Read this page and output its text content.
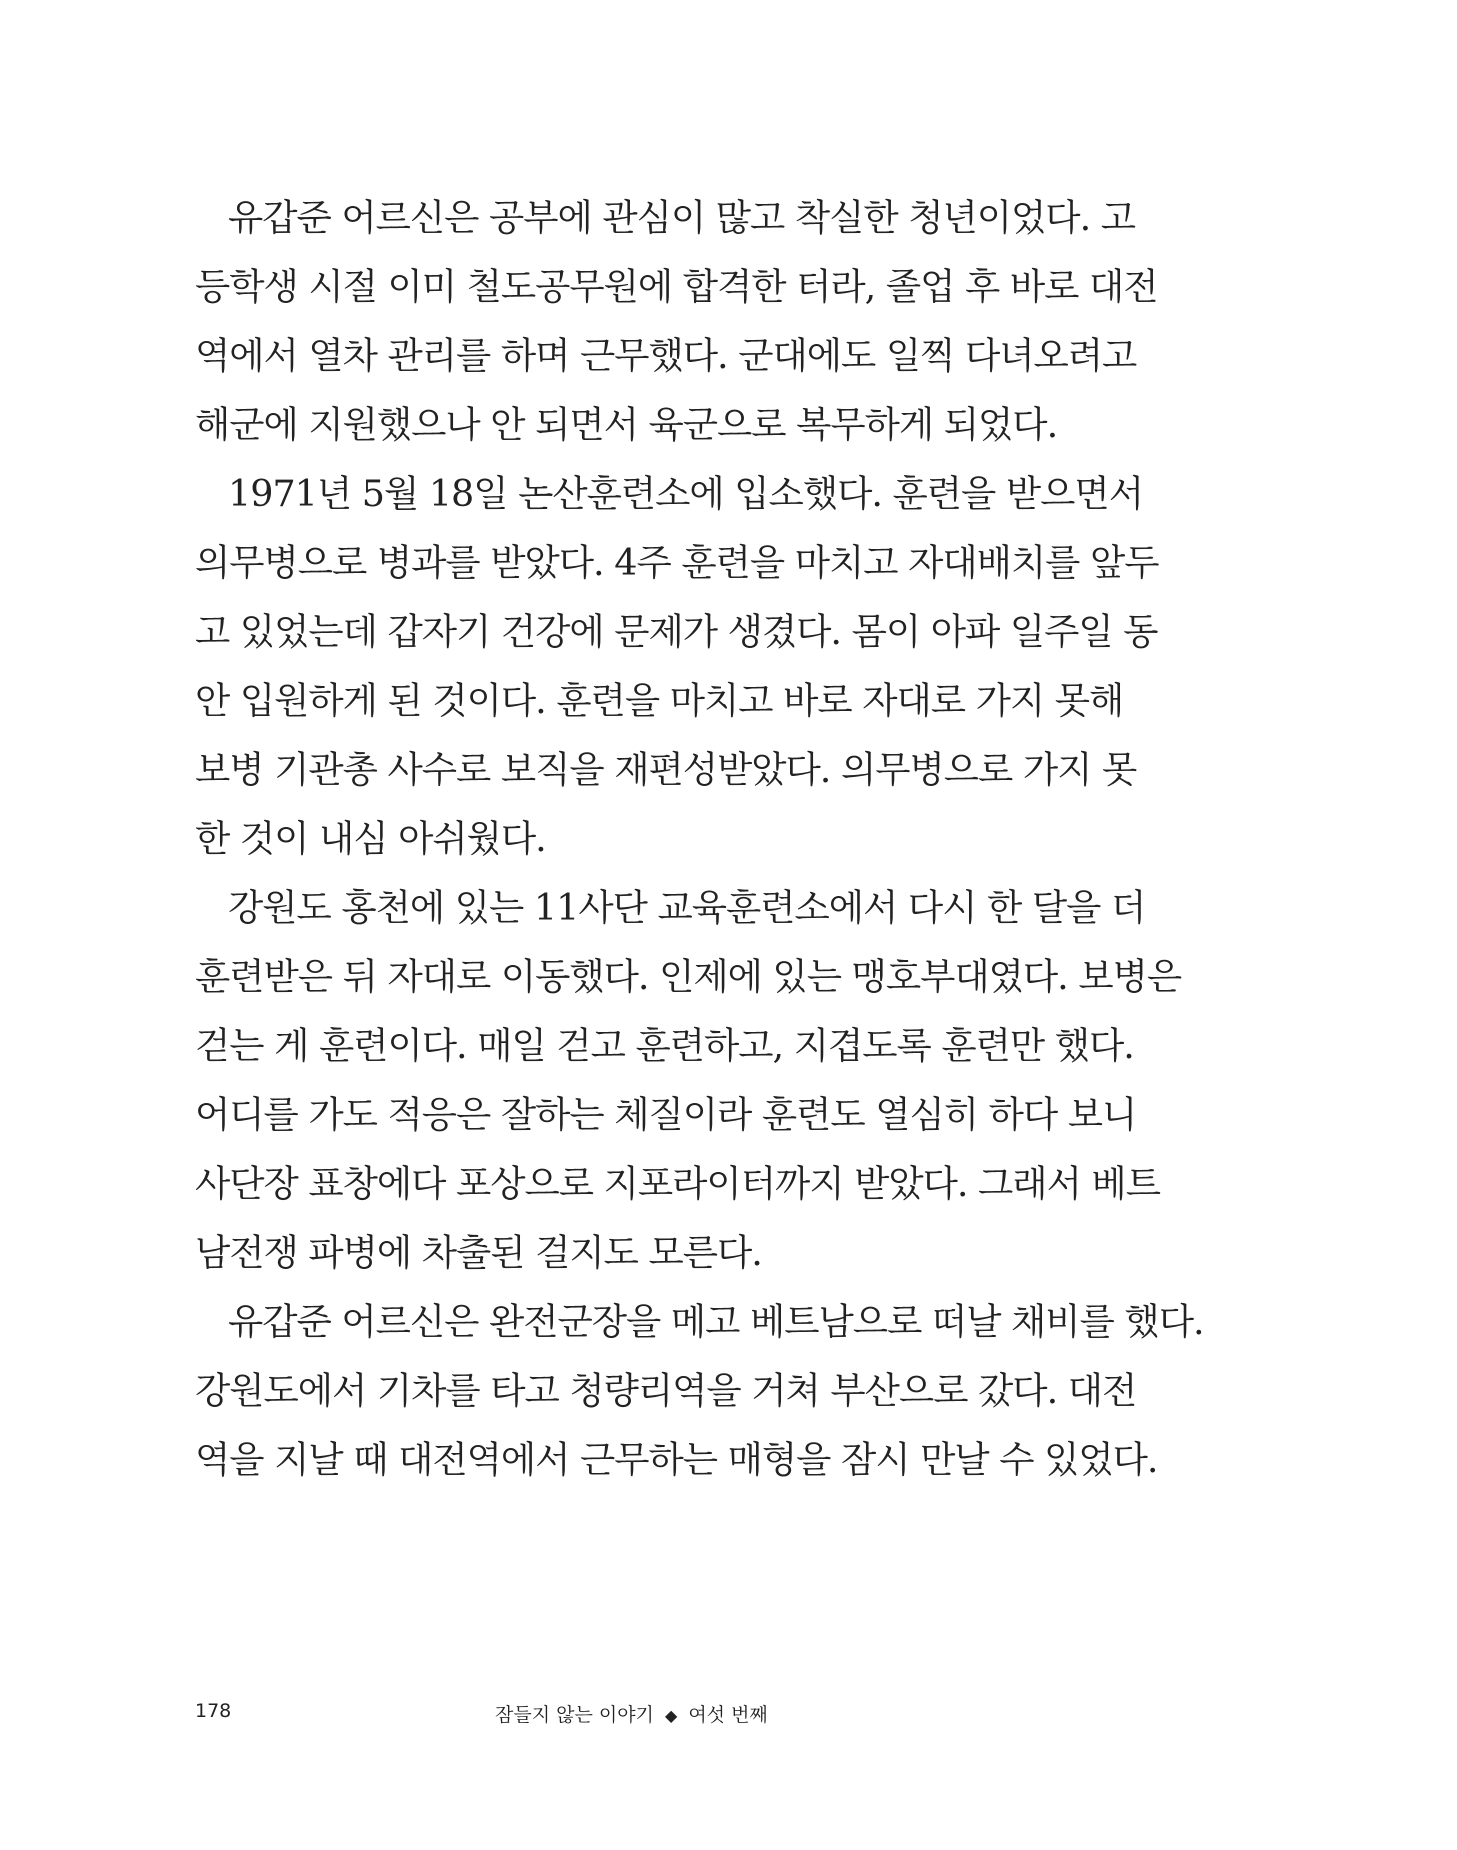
유갑준 어르신은 공부에 관심이 많고 착실한 청년이었다. 고
등학생 시절 이미 철도공무원에 합격한 터라, 졸업 후 바로 대전
역에서 열차 관리를 하며 근무했다. 군대에도 일찍 다녀오려고
해군에 지원했으나 안 되면서 육군으로 복무하게 되었다.
1971년 5월 18일 논산훈련소에 입소했다. 훈련을 받으면서
의무병으로 병과를 받았다. 4주 훈련을 마치고 자대배치를 앞두
고 있었는데 갑자기 건강에 문제가 생겼다. 몸이 아파 일주일 동
안 입원하게 된 것이다. 훈련을 마치고 바로 자대로 가지 못해
보병 기관총 사수로 보직을 재편성받았다. 의무병으로 가지 못
한 것이 내심 아쉬웠다.
강원도 홍천에 있는 11사단 교육훈련소에서 다시 한 달을 더
훈련받은 뒤 자대로 이동했다. 인제에 있는 맹호부대였다. 보병은
걷는 게 훈련이다. 매일 걷고 훈련하고, 지겹도록 훈련만 했다.
어디를 가도 적응은 잘하는 체질이라 훈련도 열심히 하다 보니
사단장 표창에다 포상으로 지포라이터까지 받았다. 그래서 베트
남전쟁 파병에 차출된 걸지도 모른다.
유갑준 어르신은 완전군장을 메고 베트남으로 떠날 채비를 했다.
강원도에서 기차를 타고 청량리역을 거쳐 부산으로 갔다. 대전
역을 지날 때 대전역에서 근무하는 매형을 잠시 만날 수 있었다.
178	잠들지 않는 이야기 ◆ 여섯 번째
